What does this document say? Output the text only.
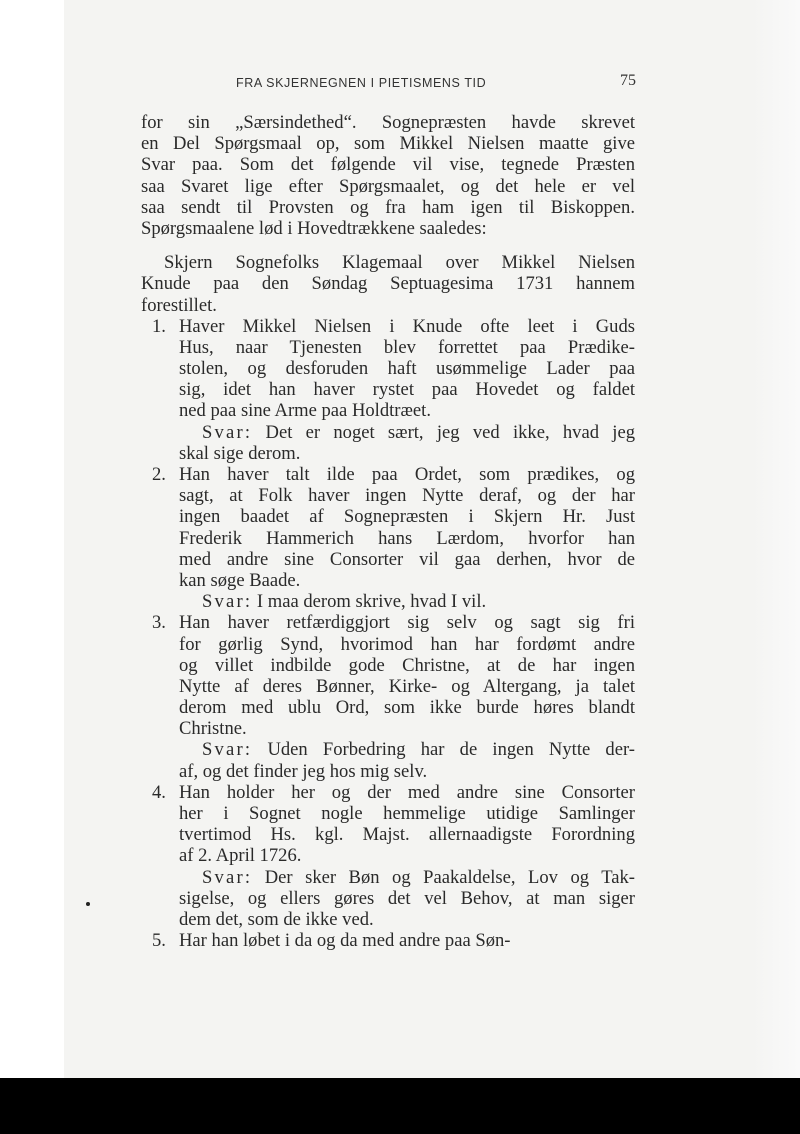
FRA SKJERNEGNEN I PIETISMENS TID	75
for sin „Særsindethed“. Sognepræsten havde skrevet
en Del Spørgsmaal op, som Mikkel Nielsen maatte give
Svar paa. Som det følgende vil vise, tegnede Præsten
saa Svaret lige efter Spørgsmaalet, og det hele er vel
saa sendt til Provsten og fra ham igen til Biskoppen.
Spørgsmaalene lød i Hovedtrækkene saaledes:
Skjern Sognefolks Klagemaal over Mikkel Nielsen
Knude paa den Søndag Septuagesima 1731 hannem
forestillet.
1. Haver Mikkel Nielsen i Knude ofte leet i Guds
Hus, naar Tjenesten blev forrettet paa Prædike-
stolen, og desforuden haft usømmelige Lader paa
sig, idet han haver rystet paa Hovedet og faldet
ned paa sine Arme paa Holdtræet.
Svar: Det er noget sært, jeg ved ikke, hvad jeg
skal sige derom.
2. Han haver talt ilde paa Ordet, som prædikes, og
sagt, at Folk haver ingen Nytte deraf, og der har
ingen baadet af Sognepræsten i Skjern Hr. Just
Frederik Hammerich hans Lærdom, hvorfor han
med andre sine Consorter vil gaa derhen, hvor de
kan søge Baade.
Svar: I maa derom skrive, hvad I vil.
3. Han haver retfærdiggjort sig selv og sagt sig fri
for gørlig Synd, hvorimod han har fordømt andre
og villet indbilde gode Christne, at de har ingen
Nytte af deres Bønner, Kirke- og Altergang, ja talet
derom med ublu Ord, som ikke burde høres blandt
Christne.
Svar: Uden Forbedring har de ingen Nytte der-
af, og det finder jeg hos mig selv.
4. Han holder her og der med andre sine Consorter
her i Sognet nogle hemmelige utidige Samlinger
tvertimod Hs. kgl. Majst. allernaadigste Forordning
af 2. April 1726.
Svar: Der sker Bøn og Paakaldelse, Lov og Tak-
sigelse, og ellers gøres det vel Behov, at man siger
dem det, som de ikke ved.
5. Har han løbet i da og da med andre paa Søn-
